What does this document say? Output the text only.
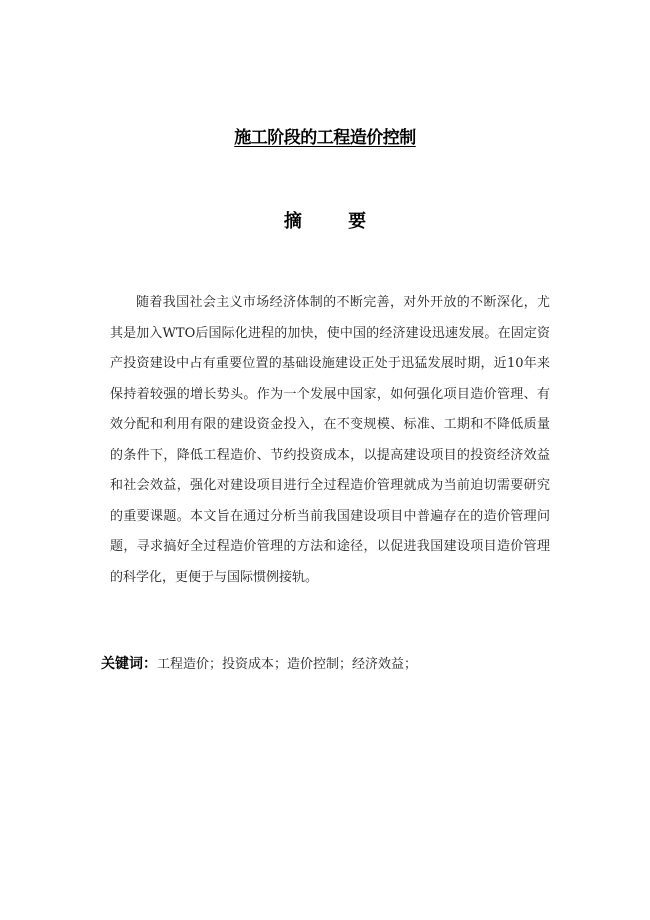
施工阶段的工程造价控制
摘 要

随着我国社会主义市场经济体制的不断完善，对外开放的不断深化，尤其是加入WTO后国际化进程的加快，使中国的经济建设迅速发展。在固定资产投资建设中占有重要位置的基础设施建设正处于迅猛发展时期，近10年来保持着较强的增长势头。作为一个发展中国家，如何强化项目造价管理、有效分配和利用有限的建设资金投入，在不变规模、标准、工期和不降低质量的条件下，降低工程造价、节约投资成本，以提高建设项目的投资经济效益和社会效益，强化对建设项目进行全过程造价管理就成为当前迫切需要研究的重要课题。本文旨在通过分析当前我国建设项目中普遍存在的造价管理问题，寻求搞好全过程造价管理的方法和途径，以促进我国建设项目造价管理的科学化，更便于与国际惯例接轨。

关键词：工程造价；投资成本；造价控制；经济效益；
